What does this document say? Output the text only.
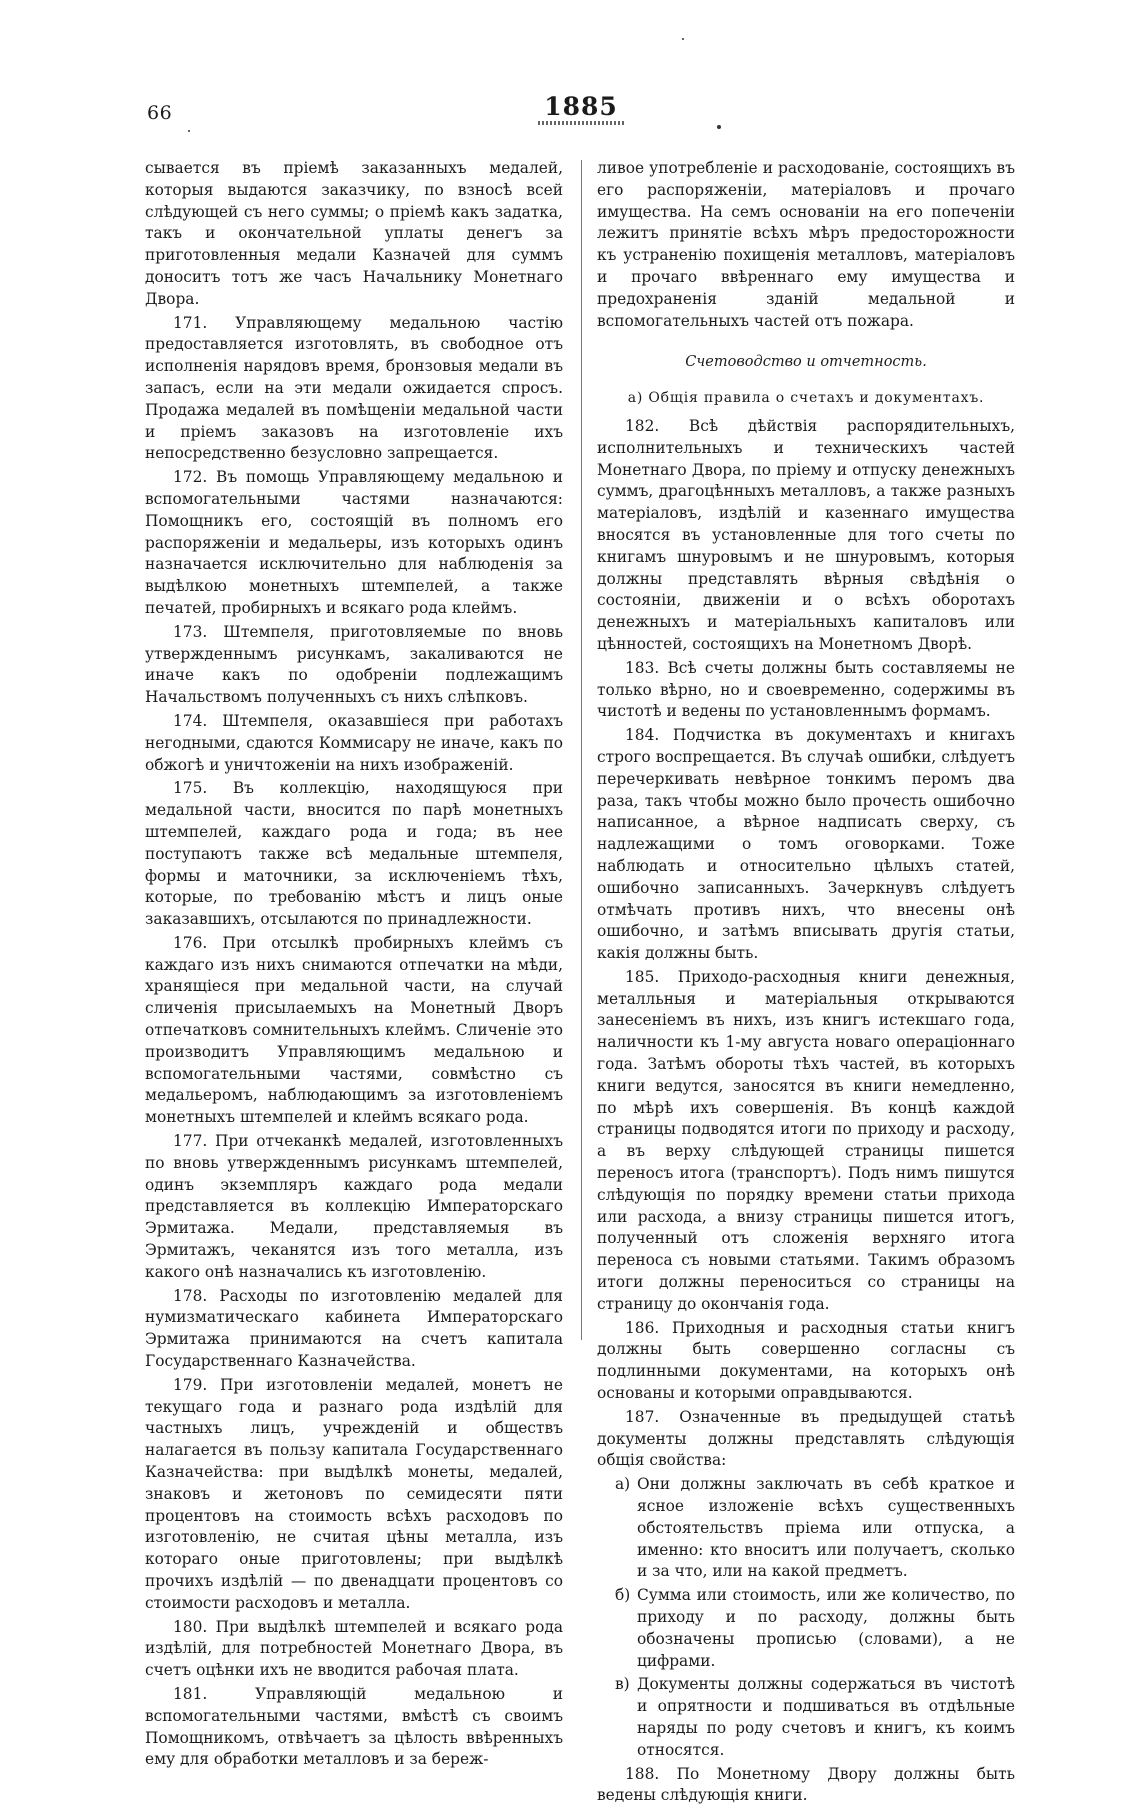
66	1885

сывается въ пріемѣ заказанныхъ медалей, которыя выдаются заказчику, по взносѣ всей слѣдующей съ него суммы; о пріемѣ какъ задатка, такъ и окончательной уплаты денегъ за приготовленныя медали Казначей для суммъ доноситъ тотъ же часъ Начальнику Монетнаго Двора.

171. Управляющему медальною частію предоставляется изготовлять, въ свободное отъ исполненія нарядовъ время, бронзовыя медали въ запасъ, если на эти медали ожидается спросъ. Продажа медалей въ помѣщеніи медальной части и пріемъ заказовъ на изготовленіе ихъ непосредственно безусловно запрещается.

172. Въ помощь Управляющему медальною и вспомогательными частями назначаются: Помощникъ его, состоящій въ полномъ его распоряженіи и медальеры, изъ которыхъ одинъ назначается исключительно для наблюденія за выдѣлкою монетныхъ штемпелей, а также печатей, пробирныхъ и всякаго рода клеймъ.

173. Штемпеля, приготовляемые по вновь утвержденнымъ рисункамъ, закаливаются не иначе какъ по одобреніи подлежащимъ Начальствомъ полученныхъ съ нихъ слѣпковъ.

174. Штемпеля, оказавшіеся при работахъ негодными, сдаются Коммисару не иначе, какъ по обжогѣ и уничтоженіи на нихъ изображеній.

175. Въ коллекцію, находящуюся при медальной части, вносится по парѣ монетныхъ штемпелей, каждаго рода и года; въ нее поступаютъ также всѣ медальные штемпеля, формы и маточники, за исключеніемъ тѣхъ, которые, по требованію мѣстъ и лицъ оные заказавшихъ, отсылаются по принадлежности.

176. При отсылкѣ пробирныхъ клеймъ съ каждаго изъ нихъ снимаются отпечатки на мѣди, хранящіеся при медальной части, на случай сличенія присылаемыхъ на Монетный Дворъ отпечатковъ сомнительныхъ клеймъ. Сличеніе это производитъ Управляющимъ медальною и вспомогательными частями, совмѣстно съ медальеромъ, наблюдающимъ за изготовленіемъ монетныхъ штемпелей и клеймъ всякаго рода.

177. При отчеканкѣ медалей, изготовленныхъ по вновь утвержденнымъ рисункамъ штемпелей, одинъ экземпляръ каждаго рода медали представляется въ коллекцію Императорскаго Эрмитажа. Медали, представляемыя въ Эрмитажъ, чеканятся изъ того металла, изъ какого онѣ назначались къ изготовленію.

178. Расходы по изготовленію медалей для нумизматическаго кабинета Императорскаго Эрмитажа принимаются на счетъ капитала Государственнаго Казначейства.

179. При изготовленіи медалей, монетъ не текущаго года и разнаго рода издѣлій для частныхъ лицъ, учрежденій и обществъ налагается въ пользу капитала Государственнаго Казначейства: при выдѣлкѣ монеты, медалей, знаковъ и жетоновъ по семидесяти пяти процентовъ на стоимость всѣхъ расходовъ по изготовленію, не считая цѣны металла, изъ котораго оные приготовлены; при выдѣлкѣ прочихъ издѣлій — по двенадцати процентовъ со стоимости расходовъ и металла.

180. При выдѣлкѣ штемпелей и всякаго рода издѣлій, для потребностей Монетнаго Двора, въ счетъ оцѣнки ихъ не вводится рабочая плата.

181. Управляющій медальною и вспомогательными частями, вмѣстѣ съ своимъ Помощникомъ, отвѣчаетъ за цѣлость ввѣренныхъ ему для обработки металловъ и за береж-

ливое употребленіе и расходованіе, состоящихъ въ его распоряженіи, матеріаловъ и прочаго имущества. На семъ основаніи на его попеченіи лежитъ принятіе всѣхъ мѣръ предосторожности къ устраненію похищенія металловъ, матеріаловъ и прочаго ввѣреннаго ему имущества и предохраненія зданій медальной и вспомогательныхъ частей отъ пожара.

Счетоводство и отчетность.

а) Общія правила о счетахъ и документахъ.

182. Всѣ дѣйствія распорядительныхъ, исполнительныхъ и техническихъ частей Монетнаго Двора, по пріему и отпуску денежныхъ суммъ, драгоцѣнныхъ металловъ, а также разныхъ матеріаловъ, издѣлій и казеннаго имущества вносятся въ установленные для того счеты по книгамъ шнуровымъ и не шнуровымъ, которыя должны представлять вѣрныя свѣдѣнія о состояніи, движеніи и о всѣхъ оборотахъ денежныхъ и матеріальныхъ капиталовъ или цѣнностей, состоящихъ на Монетномъ Дворѣ.

183. Всѣ счеты должны быть составляемы не только вѣрно, но и своевременно, содержимы въ чистотѣ и ведены по установленнымъ формамъ.

184. Подчистка въ документахъ и книгахъ строго воспрещается. Въ случаѣ ошибки, слѣдуетъ перечеркивать невѣрное тонкимъ перомъ два раза, такъ чтобы можно было прочесть ошибочно написанное, а вѣрное надписать сверху, съ надлежащими о томъ оговорками. Тоже наблюдать и относительно цѣлыхъ статей, ошибочно записанныхъ. Зачеркнувъ слѣдуетъ отмѣчать противъ нихъ, что внесены онѣ ошибочно, и затѣмъ вписывать другія статьи, какія должны быть.

185. Приходо-расходныя книги денежныя, металльныя и матеріальныя открываются занесеніемъ въ нихъ, изъ книгъ истекшаго года, наличности къ 1-му августа новаго операціоннаго года. Затѣмъ обороты тѣхъ частей, въ которыхъ книги ведутся, заносятся въ книги немедленно, по мѣрѣ ихъ совершенія. Въ концѣ каждой страницы подводятся итоги по приходу и расходу, а въ верху слѣдующей страницы пишется переносъ итога (транспортъ). Подъ нимъ пишутся слѣдующія по порядку времени статьи прихода или расхода, а внизу страницы пишется итогъ, полученный отъ сложенія верхняго итога переноса съ новыми статьями. Такимъ образомъ итоги должны переноситься со страницы на страницу до окончанія года.

186. Приходныя и расходныя статьи книгъ должны быть совершенно согласны съ подлинными документами, на которыхъ онѣ основаны и которыми оправдываются.

187. Означенные въ предыдущей статьѣ документы должны представлять слѣдующія общія свойства:

а) Они должны заключать въ себѣ краткое и ясное изложеніе всѣхъ существенныхъ обстоятельствъ пріема или отпуска, а именно: кто вноситъ или получаетъ, сколько и за что, или на какой предметъ.
б) Сумма или стоимость, или же количество, по приходу и по расходу, должны быть обозначены прописью (словами), а не цифрами.
в) Документы должны содержаться въ чистотѣ и опрятности и подшиваться въ отдѣльные наряды по роду счетовъ и книгъ, къ коимъ относятся.

188. По Монетному Двору должны быть ведены слѣдующія книги.
